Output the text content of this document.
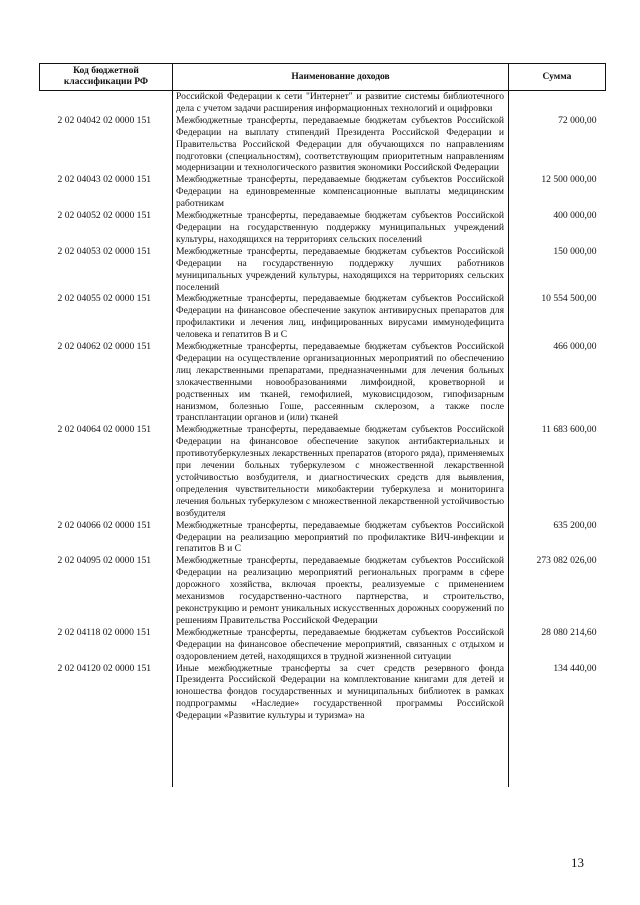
Код бюджетной классификации РФ	Наименование доходов	Сумма
	Российской Федерации к сети "Интернет" и развитие системы библиотечного дела с учетом задачи расширения информационных технологий и оцифровки	
2 02 04042 02 0000 151	Межбюджетные трансферты, передаваемые бюджетам субъектов Российской Федерации на выплату стипендий Президента Российской Федерации и Правительства Российской Федерации для обучающихся по направлениям подготовки (специальностям), соответствующим приоритетным направлениям модернизации и технологического развития экономики Российской Федерации	72 000,00
2 02 04043 02 0000 151	Межбюджетные трансферты, передаваемые бюджетам субъектов Российской Федерации на единовременные компенсационные выплаты медицинским работникам	12 500 000,00
2 02 04052 02 0000 151	Межбюджетные трансферты, передаваемые бюджетам субъектов Российской Федерации на государственную поддержку муниципальных учреждений культуры, находящихся на территориях сельских поселений	400 000,00
2 02 04053 02 0000 151	Межбюджетные трансферты, передаваемые бюджетам субъектов Российской Федерации на государственную поддержку лучших работников муниципальных учреждений культуры, находящихся на территориях сельских поселений	150 000,00
2 02 04055 02 0000 151	Межбюджетные трансферты, передаваемые бюджетам субъектов Российской Федерации на финансовое обеспечение закупок антивирусных препаратов для профилактики и лечения лиц, инфицированных вирусами иммунодефицита человека и гепатитов В и С	10 554 500,00
2 02 04062 02 0000 151	Межбюджетные трансферты, передаваемые бюджетам субъектов Российской Федерации на осуществление организационных мероприятий по обеспечению лиц лекарственными препаратами, предназначенными для лечения больных злокачественными новообразованиями лимфоидной, кроветворной и родственных им тканей, гемофилией, муковисцидозом, гипофизарным нанизмом, болезнью Гоше, рассеянным склерозом, а также после трансплантации органов и (или) тканей	466 000,00
2 02 04064 02 0000 151	Межбюджетные трансферты, передаваемые бюджетам субъектов Российской Федерации на финансовое обеспечение закупок антибактериальных и противотуберкулезных лекарственных препаратов (второго ряда), применяемых при лечении больных туберкулезом с множественной лекарственной устойчивостью возбудителя, и диагностических средств для выявления, определения чувствительности микобактерии туберкулеза и мониторинга лечения больных туберкулезом с множественной лекарственной устойчивостью возбудителя	11 683 600,00
2 02 04066 02 0000 151	Межбюджетные трансферты, передаваемые бюджетам субъектов Российской Федерации на реализацию мероприятий по профилактике ВИЧ-инфекции и гепатитов В и С	635 200,00
2 02 04095 02 0000 151	Межбюджетные трансферты, передаваемые бюджетам субъектов Российской Федерации на реализацию мероприятий региональных программ в сфере дорожного хозяйства, включая проекты, реализуемые с применением механизмов государственно-частного партнерства, и строительство, реконструкцию и ремонт уникальных искусственных дорожных сооружений по решениям Правительства Российской Федерации	273 082 026,00
2 02 04118 02 0000 151	Межбюджетные трансферты, передаваемые бюджетам субъектов Российской Федерации на финансовое обеспечение мероприятий, связанных с отдыхом и оздоровлением детей, находящихся в трудной жизненной ситуации	28 080 214,60
2 02 04120 02 0000 151	Иные межбюджетные трансферты за счет средств резервного фонда Президента Российской Федерации на комплектование книгами для детей и юношества фондов государственных и муниципальных библиотек в рамках подпрограммы «Наследие» государственной программы Российской Федерации «Развитие культуры и туризма» на	134 440,00
13
